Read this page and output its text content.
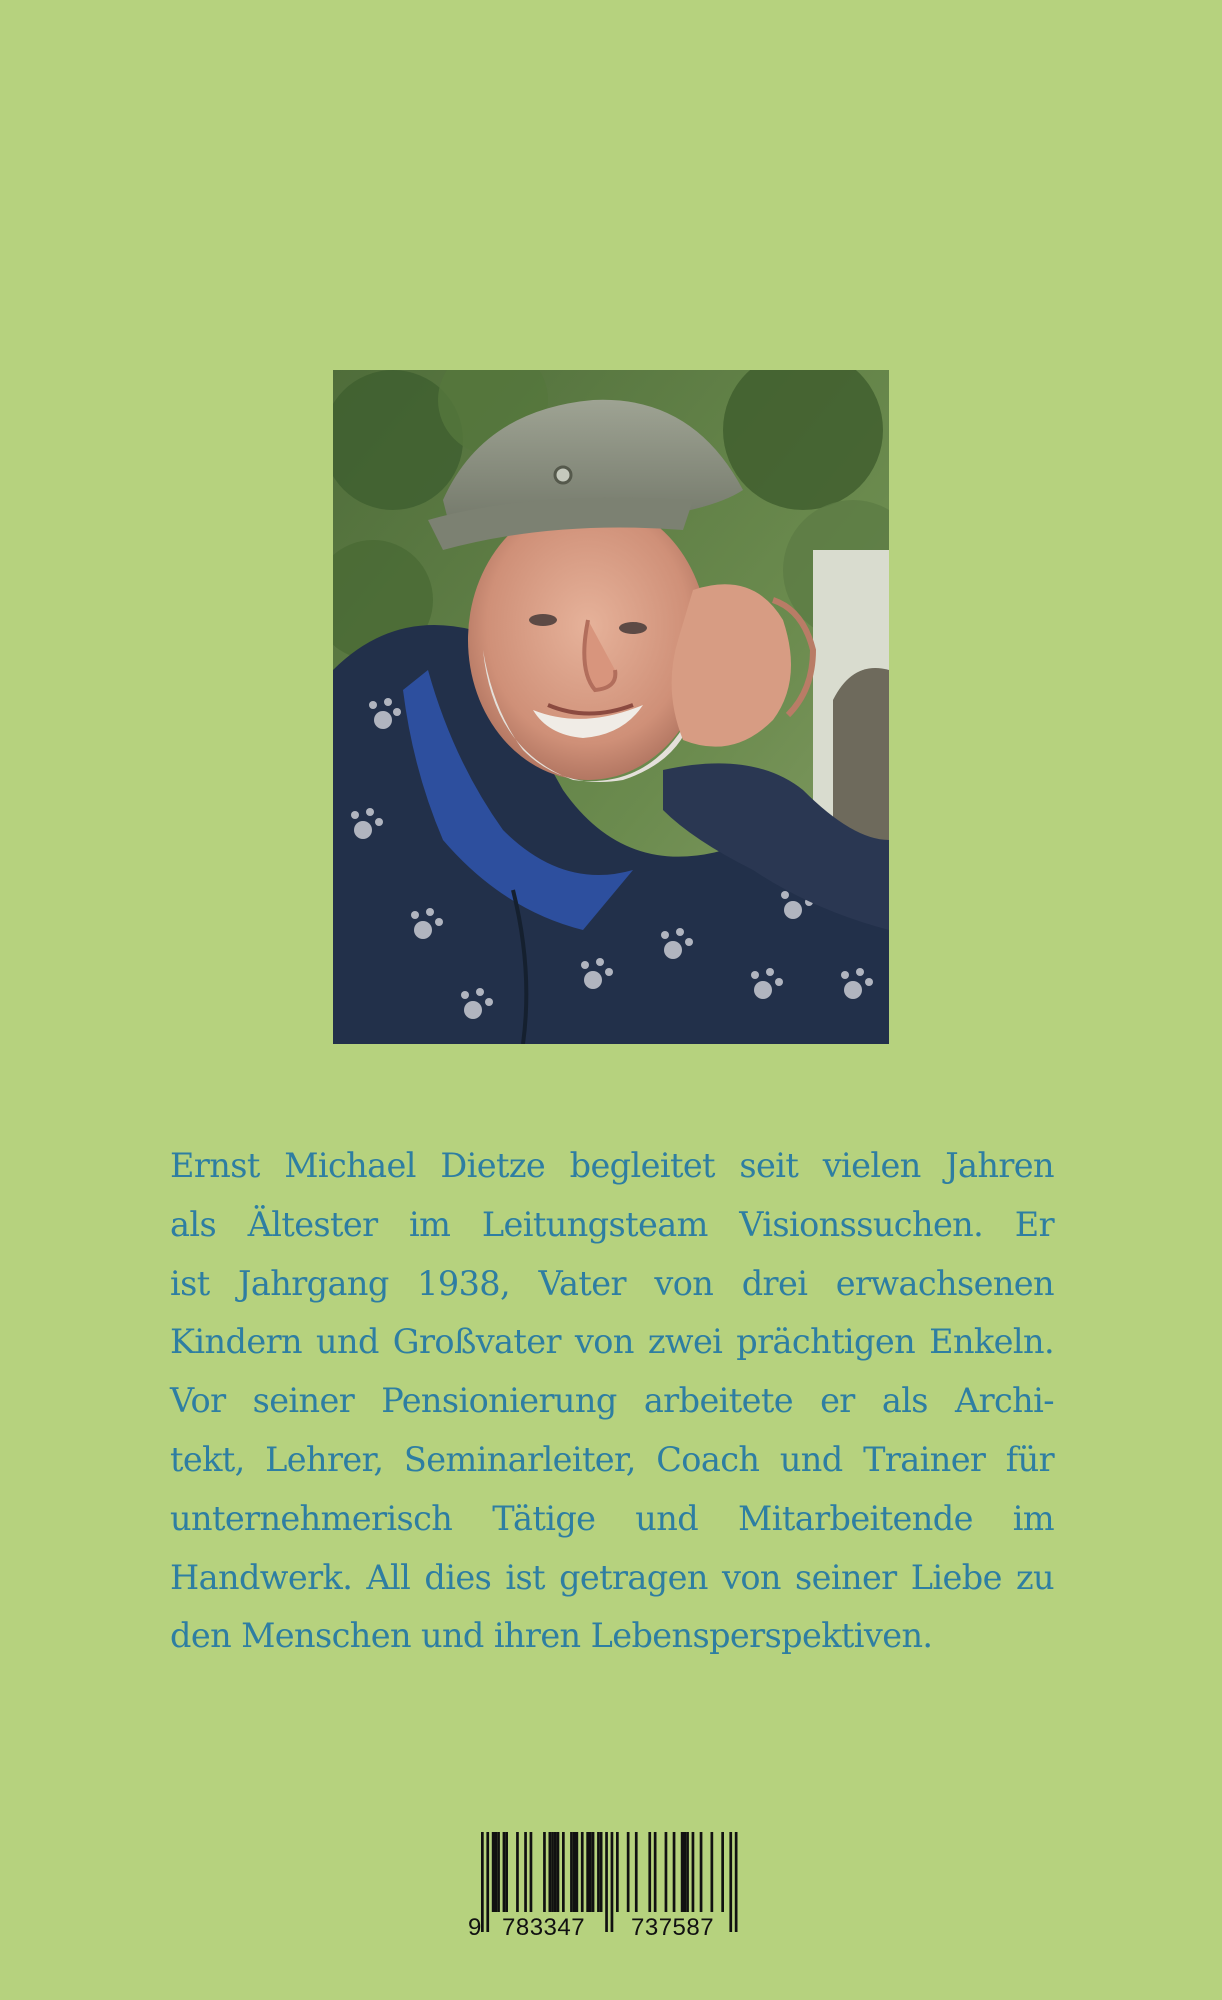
Ernst Michael Dietze begleitet seit vielen Jahren
als Ältester im Leitungsteam Visionssuchen. Er
ist Jahrgang 1938, Vater von drei erwachsenen
Kindern und Großvater von zwei prächtigen Enkeln.
Vor seiner Pensionierung arbeitete er als Archi-
tekt, Lehrer, Seminarleiter, Coach und Trainer für
unternehmerisch Tätige und Mitarbeitende im
Handwerk. All dies ist getragen von seiner Liebe zu
den Menschen und ihren Lebensperspektiven.

9 783347 737587
